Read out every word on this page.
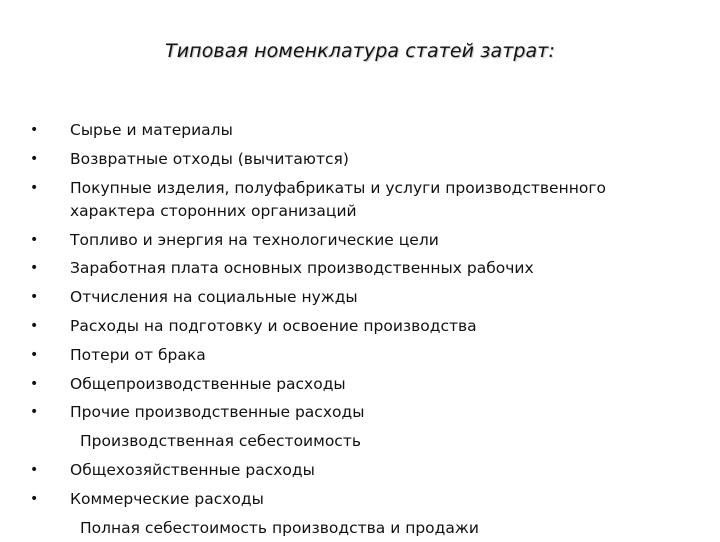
Типовая номенклатура статей затрат:
• Сырье и материалы
• Возвратные отходы (вычитаются)
• Покупные изделия, полуфабрикаты и услуги производственного характера сторонних организаций
• Топливо и энергия на технологические цели
• Заработная плата основных производственных рабочих
• Отчисления на социальные нужды
• Расходы на подготовку и освоение производства
• Потери от брака
• Общепроизводственные расходы
• Прочие производственные расходы
Производственная себестоимость
• Общехозяйственные расходы
• Коммерческие расходы
Полная себестоимость производства и продажи
